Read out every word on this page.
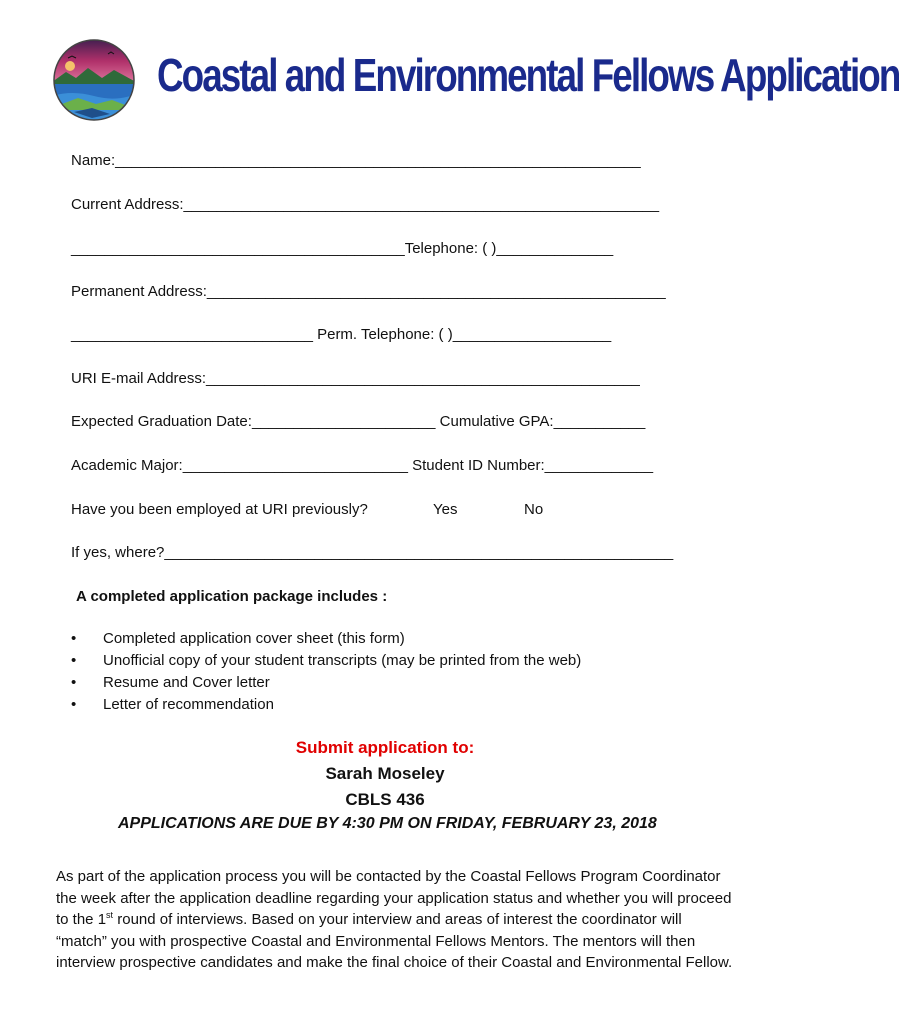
Coastal and Environmental Fellows Application
Name:_______________________________________________________________
Current Address:_________________________________________________________
________________________________________Telephone: ( )______________
Permanent Address:_______________________________________________________
_____________________________ Perm. Telephone: ( )___________________
URI E-mail Address:____________________________________________________
Expected Graduation Date:______________________ Cumulative GPA:___________
Academic Major:___________________________ Student ID Number:_____________
Have you been employed at URI previously?	Yes	No
If yes, where?_____________________________________________________________
A completed application package includes :
• Completed application cover sheet (this form)
• Unofficial copy of your student transcripts (may be printed from the web)
• Resume and Cover letter
• Letter of recommendation
Submit application to:
Sarah Moseley
CBLS 436
APPLICATIONS ARE DUE BY 4:30 PM ON FRIDAY, FEBRUARY 23, 2018
As part of the application process you will be contacted by the Coastal Fellows Program Coordinator the week after the application deadline regarding your application status and whether you will proceed to the 1st round of interviews. Based on your interview and areas of interest the coordinator will “match” you with prospective Coastal and Environmental Fellows Mentors. The mentors will then interview prospective candidates and make the final choice of their Coastal and Environmental Fellow.
